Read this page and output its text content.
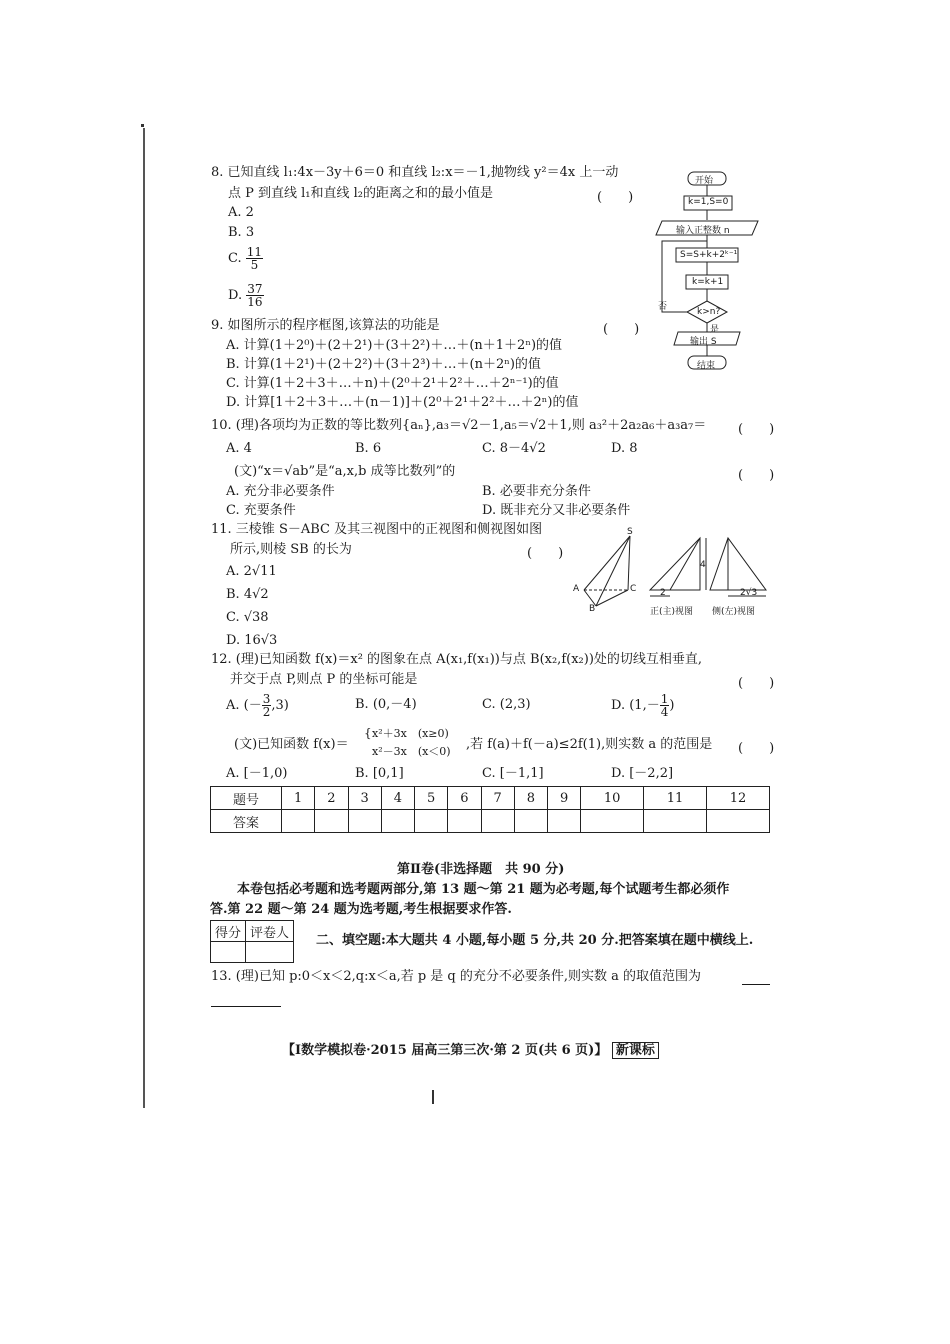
8. 已知直线 l₁:4x－3y＋6＝0 和直线 l₂:x＝－1,抛物线 y²＝4x 上一动
点 P 到直线 l₁和直线 l₂的距离之和的最小值是	(　　)
A. 2
B. 3
C. $\frac{11}{5}$
D. $\frac{37}{16}$
开始
k=1,S=0
输入正整数 n
S=S+k+2ᵏ⁻¹
k=k+1
k>n?
否
是
输出 S
结束
9. 如图所示的程序框图,该算法的功能是	(　　)
A. 计算(1＋2⁰)＋(2＋2¹)＋(3＋2²)＋…＋(n＋1＋2ⁿ)的值
B. 计算(1＋2¹)＋(2＋2²)＋(3＋2³)＋…＋(n＋2ⁿ)的值
C. 计算(1＋2＋3＋…＋n)＋(2⁰＋2¹＋2²＋…＋2ⁿ⁻¹)的值
D. 计算[1＋2＋3＋…＋(n－1)]＋(2⁰＋2¹＋2²＋…＋2ⁿ)的值
10. (理)各项均为正数的等比数列{aₙ},a₃＝√2－1,a₅＝√2＋1,则 a₃²＋2a₂a₆＋a₃a₇＝ (　　)
A. 4	B. 6	C. 8－4√2	D. 8
(文)“x＝√ab”是“a,x,b 成等比数列”的	(　　)
A. 充分非必要条件	B. 必要非充分条件
C. 充要条件	D. 既非充分又非必要条件
11. 三棱锥 S－ABC 及其三视图中的正视图和侧视图如图
所示,则棱 SB 的长为	(　　)
A. 2√11
B. 4√2
C. √38
D. 16√3
S
A
B
C
4
2	2√3
正(主)视图 侧(左)视图
12. (理)已知函数 f(x)＝x² 的图象在点 A(x₁,f(x₁))与点 B(x₂,f(x₂))处的切线互相垂直,
并交于点 P,则点 P 的坐标可能是	(　　)
A. (－ $\frac{3}{2} ,3$)	B. (0,－4)	C. (2,3)	D. ($1,- \frac{1}{4}$ )
(文)已知函数 f(x)＝
{ x²＋3x　(x≥0)
x²－3x　(x＜0) ,若 f(a)＋f(－a)≤2f(1),则实数 a 的范围是 (　　)
A. [－1,0)	B. [0,1]	C. [－1,1]	D. [－2,2]
题号	1	2	3	4	5	6	7	8	9	10	11	12
答案												
第Ⅱ卷(非选择题　共 90 分)
本卷包括必考题和选考题两部分,第 13 题～第 21 题为必考题,每个试题考生都必须作
答.第 22 题～第 24 题为选考题,考生根据要求作答.
得分	评卷人
	二、填空题:本大题共 4 小题,每小题 5 分,共 20 分.把答案填在题中横线上.
13. (理)已知 p:0＜x＜2,q:x＜a,若 p 是 q 的充分不必要条件,则实数 a 的取值范围为
【Ⅰ数学模拟卷·2015 届高三第三次·第 2 页(共 6 页)】 新课标
